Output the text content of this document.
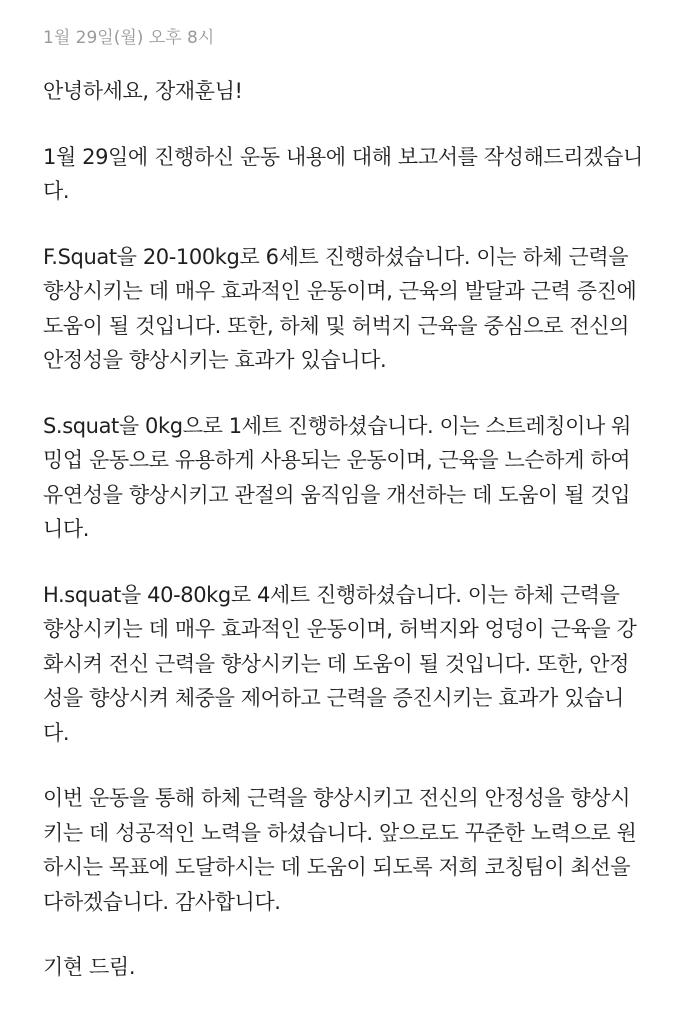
1월 29일(월) 오후 8시

안녕하세요, 장재훈님!

1월 29일에 진행하신 운동 내용에 대해 보고서를 작성해드리겠습니
다.

F.Squat을 20-100kg로 6세트 진행하셨습니다. 이는 하체 근력을
향상시키는 데 매우 효과적인 운동이며, 근육의 발달과 근력 증진에
도움이 될 것입니다. 또한, 하체 및 허벅지 근육을 중심으로 전신의
안정성을 향상시키는 효과가 있습니다.

S.squat을 0kg으로 1세트 진행하셨습니다. 이는 스트레칭이나 워
밍업 운동으로 유용하게 사용되는 운동이며, 근육을 느슨하게 하여
유연성을 향상시키고 관절의 움직임을 개선하는 데 도움이 될 것입
니다.

H.squat을 40-80kg로 4세트 진행하셨습니다. 이는 하체 근력을
향상시키는 데 매우 효과적인 운동이며, 허벅지와 엉덩이 근육을 강
화시켜 전신 근력을 향상시키는 데 도움이 될 것입니다. 또한, 안정
성을 향상시켜 체중을 제어하고 근력을 증진시키는 효과가 있습니
다.

이번 운동을 통해 하체 근력을 향상시키고 전신의 안정성을 향상시
키는 데 성공적인 노력을 하셨습니다. 앞으로도 꾸준한 노력으로 원
하시는 목표에 도달하시는 데 도움이 되도록 저희 코칭팀이 최선을
다하겠습니다. 감사합니다.

기현 드림.
